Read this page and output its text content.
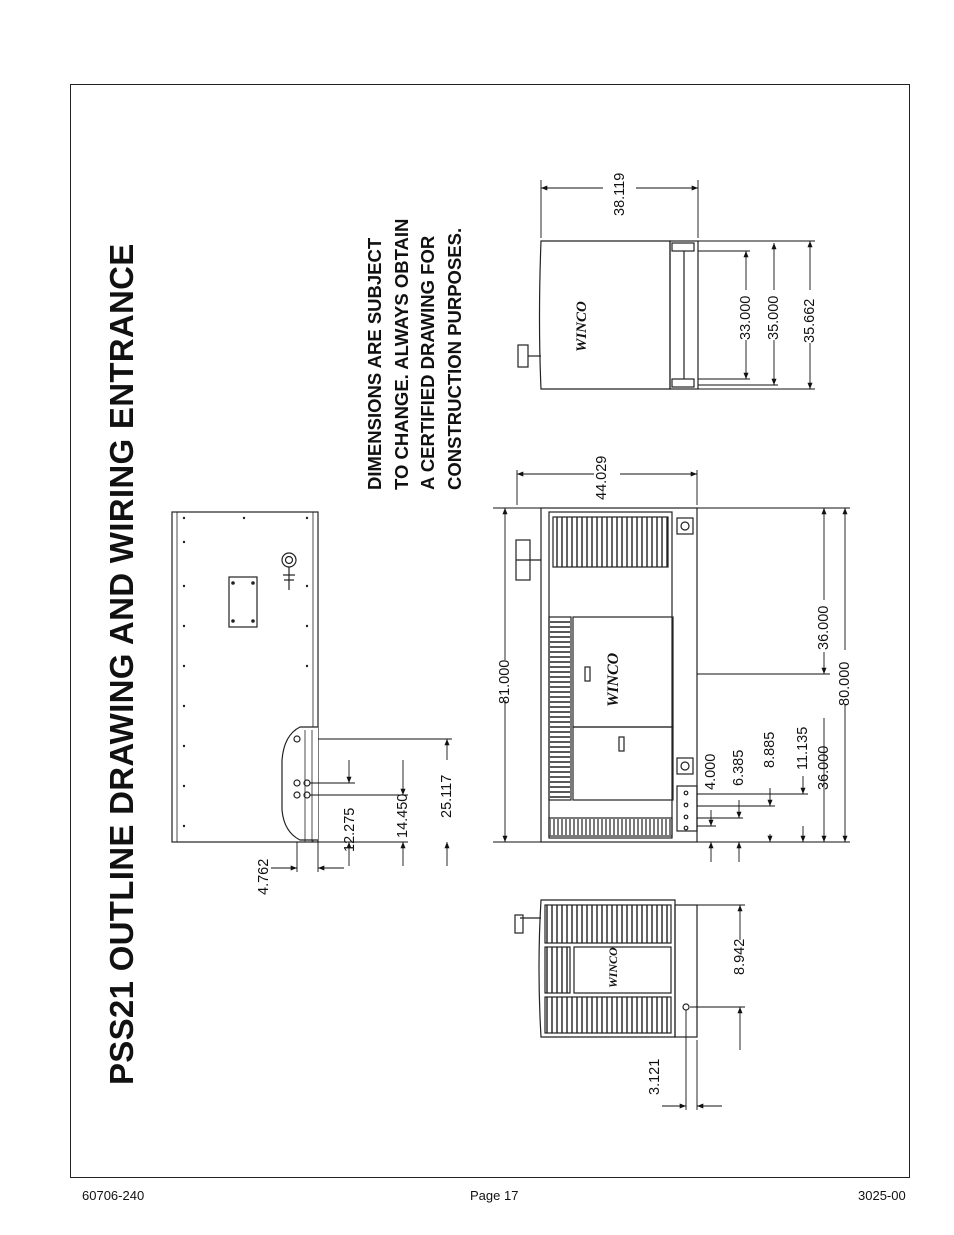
WINCO
WINCO
WINCO
PSS21 OUTLINE DRAWING AND WIRING ENTRANCE	DIMENSIONS ARE SUBJECT TO CHANGE. ALWAYS OBTAIN A CERTIFIED DRAWING FOR CONSTRUCTION PURPOSES.
4.762
12.275	14.450 25.117
81.000
44.029
36.000
80.000
4.000 6.385 8.885 11.135 36.000
38.119
33.000 35.000 35.662
8.942
3.121
60706-240	Page 17	3025-00
